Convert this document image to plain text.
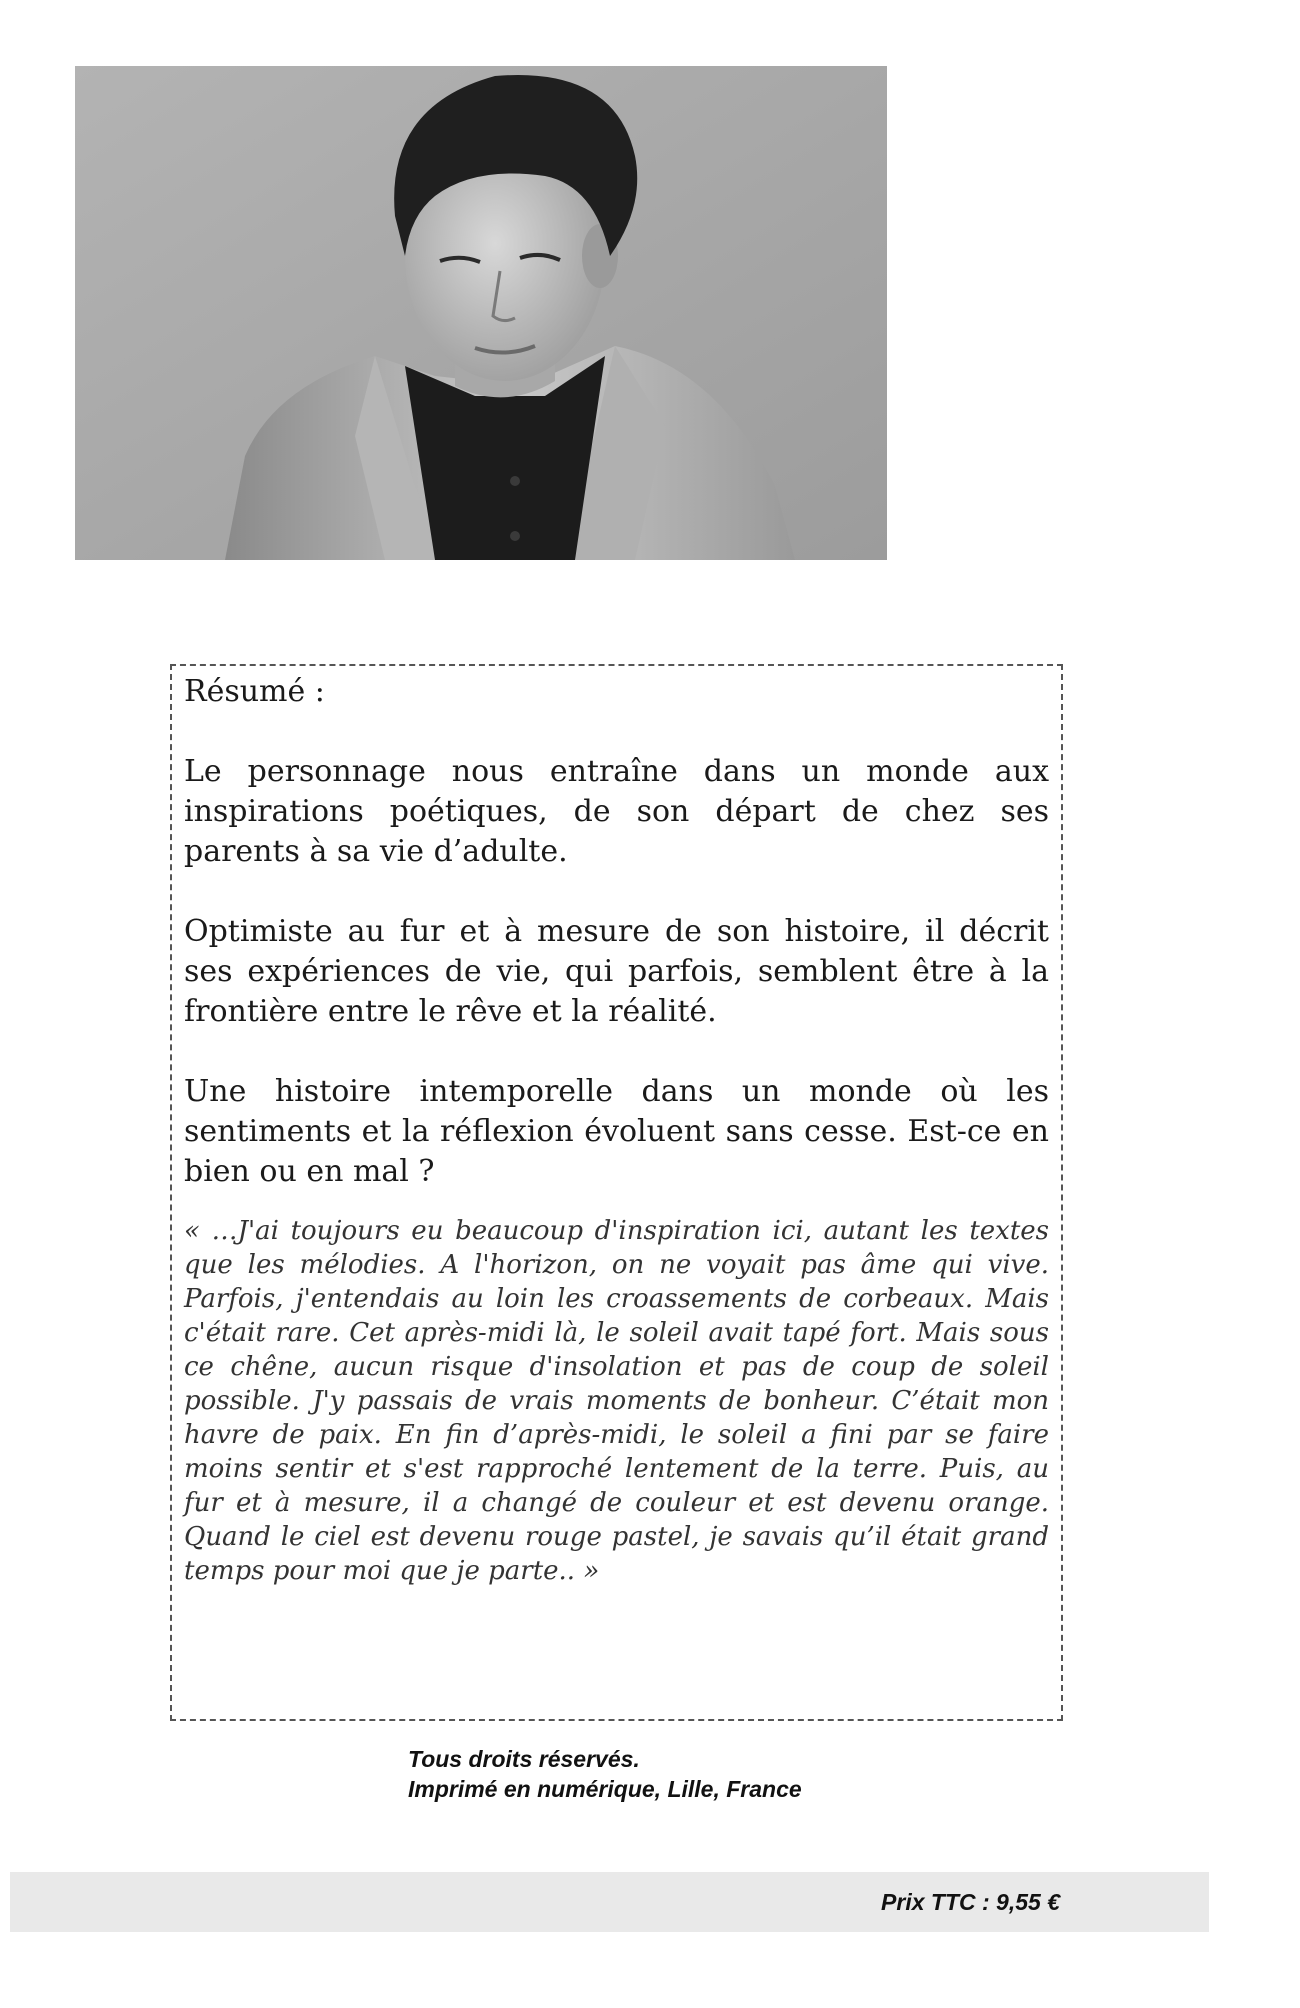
Résumé :

Le personnage nous entraîne dans un monde aux inspirations poétiques, de son départ de chez ses parents à sa vie d’adulte.

Optimiste au fur et à mesure de son histoire, il décrit ses expériences de vie, qui parfois, semblent être à la frontière entre le rêve et la réalité.

Une histoire intemporelle dans un monde où les sentiments et la réflexion évoluent sans cesse. Est-ce en bien ou en mal ?

« …J'ai toujours eu beaucoup d'inspiration ici, autant les textes que les mélodies. A l'horizon, on ne voyait pas âme qui vive. Parfois, j'entendais au loin les croassements de corbeaux. Mais c'était rare. Cet après-midi là, le soleil avait tapé fort. Mais sous ce chêne, aucun risque d'insolation et pas de coup de soleil possible. J'y passais de vrais moments de bonheur. C’était mon havre de paix. En fin d’après-midi, le soleil a fini par se faire moins sentir et s'est rapproché lentement de la terre. Puis, au fur et à mesure, il a changé de couleur et est devenu orange. Quand le ciel est devenu rouge pastel, je savais qu’il était grand temps pour moi que je parte.. »

Tous droits réservés.
Imprimé en numérique, Lille, France
Prix TTC : 9,55 €
